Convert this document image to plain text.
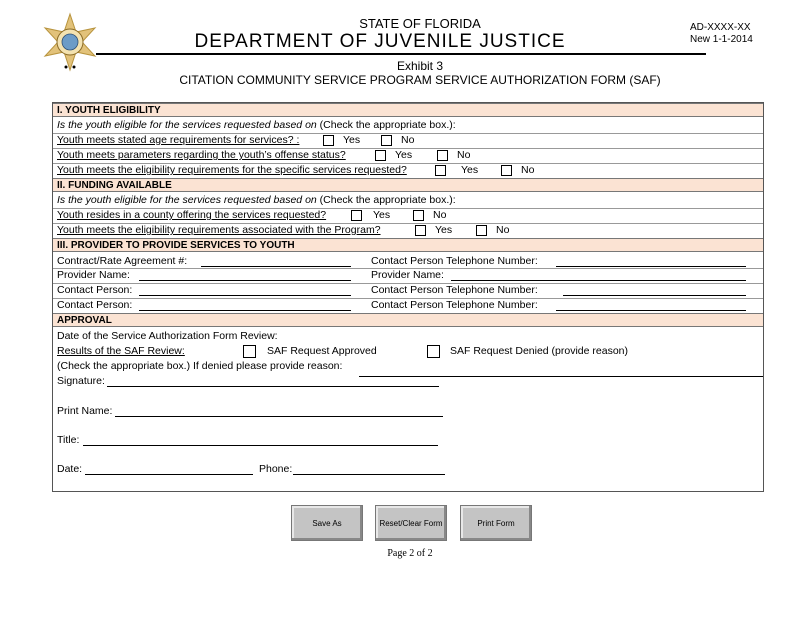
STATE OF FLORIDA
DEPARTMENT OF JUVENILE JUSTICE
AD-XXXX-XX
New 1-1-2014
Exhibit 3
CITATION COMMUNITY SERVICE PROGRAM SERVICE AUTHORIZATION FORM (SAF)
I. YOUTH ELIGIBILITY
Is the youth eligible for the services requested based on (Check the appropriate box.):
Youth meets stated age requirements for services? :	Yes	No
Youth meets parameters regarding the youth’s offense status?	Yes	No
Youth meets the eligibility requirements for the specific services requested?	Yes	No
II. FUNDING AVAILABLE
Is the youth eligible for the services requested based on (Check the appropriate box.):
Youth resides in a county offering the services requested?	Yes	No
Youth meets the eligibility requirements associated with the Program?	Yes	No
III. PROVIDER TO PROVIDE SERVICES TO YOUTH
Contract/Rate Agreement #:	Contact Person Telephone Number:
Provider Name:	Provider Name:
Contact Person:	Contact Person Telephone Number:
Contact Person:	Contact Person Telephone Number:
APPROVAL
Date of the Service Authorization Form Review:
Results of the SAF Review:	SAF Request Approved	SAF Request Denied (provide reason)
(Check the appropriate box.) If denied please provide reason:
Signature:
Print Name:
Title:
Date:	Phone:
Save As	Reset/Clear Form	Print Form
Page 2 of 2
